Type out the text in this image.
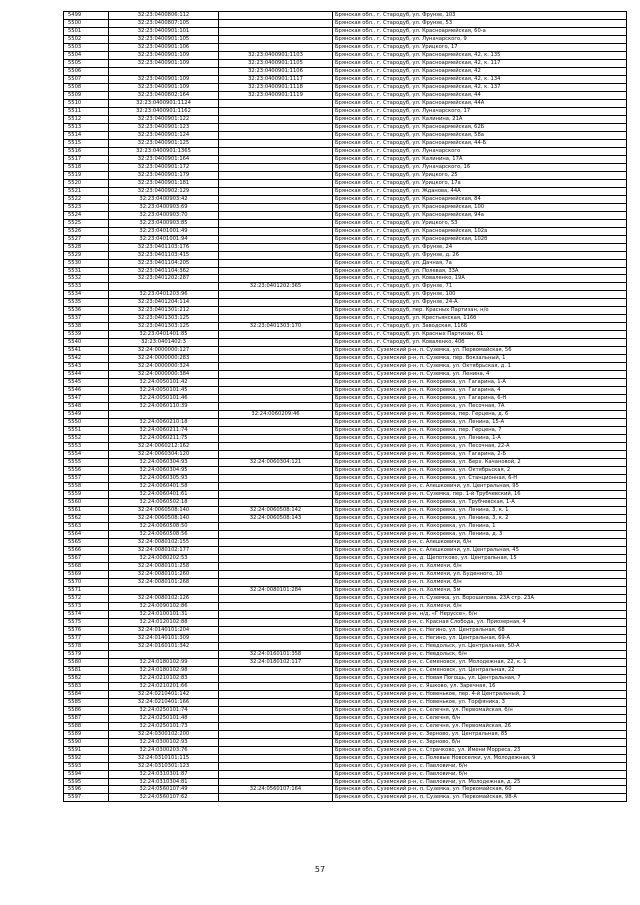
5499	32:23:0400806:112		Брянская обл., г. Стародуб, ул. Фрунзе, 103
5500	32:23:0400807:105		Брянская обл., г. Стародуб, ул. Фрунзе, 53
5501	32:23:0400901:101		Брянская обл., г. Стародуб, ул. Красноармейская, 60-а
5502	32:23:0400901:105		Брянская обл., г. Стародуб, ул. Луначарского, 9
5503	32:23:0400901:106		Брянская обл., г. Стародуб, ул. Урицкого, 17
5504	32:23:0400901:109	32:23:0400901:1103	Брянская обл., г. Стародуб, ул. Красноармейская, 42, к. 135
5505	32:23:0400901:109	32:23:0400901:1105	Брянская обл., г. Стародуб, ул. Красноармейская, 42, к. 117
5506		32:23:0400901:1106	Брянская обл., г. Стародуб, ул. Красноармейская, 42
5507	32:23:0400901:109	32:23:0400901:1117	Брянская обл., г. Стародуб, ул. Красноармейская, 42, к. 134
5508	32:23:0400901:109	32:23:0400901:1118	Брянская обл., г. Стародуб, ул. Красноармейская, 42, к. 137
5509	32:23:0400802:164	32:23:0400901:1119	Брянская обл., г. Стародуб, ул. Красноармейская, 44
5510	32:23:0400901:1124		Брянская обл., г. Стародуб, ул. Красноармейская, 44А
5511	32:23:0400901:1162		Брянская обл., г. Стародуб, ул. Луначарского, 17
5512	32:23:0400901:122		Брянская обл., г. Стародуб, ул. Калинина, 21А
5513	32:23:0400901:123		Брянская обл., г. Стародуб, ул. Красноармейская, 62Б
5514	32:23:0400901:124		Брянская обл., г. Стародуб, ул. Красноармейская, 58а
5515	32:23:0400901:125		Брянская обл., г. Стародуб, ул. Красноармейская, 44-Б
5516	32:23:0400901:1365		Брянская обл., г. Стародуб, ул. Луначарского
5517	32:23:0400901:164		Брянская обл., г. Стародуб, ул. Калинина, 17А
5518	32:23:0400901:172		Брянская обл., г. Стародуб, ул. Луначарского, 16
5519	32:23:0400901:179		Брянская обл., г. Стародуб, ул. Урицкого, 25
5520	32:23:0400901:181		Брянская обл., г. Стародуб, ул. Урицкого, 17а
5521	32:23:0400902:129		Брянская обл., г. Стародуб, ул. Жданова, 44А
5522	32:23:0400903:42		Брянская обл., г. Стародуб, ул. Красноармейская, 84
5523	32:23:0400903:69		Брянская обл., г. Стародуб, ул. Красноармейская, 100
5524	32:23:0400903:70		Брянская обл., г. Стародуб, ул. Красноармейская, 94а
5525	32:23:0400903:85		Брянская обл., г. Стародуб, ул. Урицкого, 53
5526	32:23:0401001:49		Брянская обл., г. Стародуб, ул. Красноармейская, 102а
5527	32:23:0401001:94		Брянская обл., г. Стародуб, ул. Красноармейская, 102б
5528	32:23:0401103:176		Брянская обл., г. Стародуб, ул. Фрунзе, 24
5529	32:23:0401103:415		Брянская обл., г. Стародуб, ул. Фрунзе, д. 26
5530	32:23:0401104:205		Брянская обл., г. Стародуб, ул. Дачная, 7а
5531	32:23:0401104:362		Брянская обл., г. Стародуб, ул. Полевая, 33А
5532	32:23:0401202:287		Брянская обл., г. Стародуб, ул. Коваленко, 19А
5533		32:23:0401202:365	Брянская обл., г. Стародуб, ул. Фрунзе, 71
5534	32:23:0401203:96		Брянская обл., г. Стародуб, ул. Фрунзе, 100
5535	32:23:0401204:114		Брянская обл., г. Стародуб, ул. Фрунзе, 24-А
5536	32:23:0401301:212		Брянская обл., г. Стародуб, пер. Красных Партизан, н/о
5537	32:23:0401303:125		Брянская обл., г. Стародуб, ул. Крестьянская, 116б
5538	32:23:0401303:125	32:23:0401303:170	Брянская обл., г. Стародуб, ул. Заводская, 116Б
5539	32:23:0401401:85		Брянская обл., г. Стародуб, ул. Красных Партизан, 61
5540	32:23:0401402:3		Брянская обл., г. Стародуб, ул. Коваленко, 40б
5541	32:24:0000000:127		Брянская обл., Суземский р-н, п. Суземка, ул. Первомайская, 56
5542	32:24:0000000:283		Брянская обл., Суземский р-н, п. Суземка, пер. Вокзальный, 1
5543	32:24:0000000:324		Брянская обл., Суземский р-н, п. Суземка, ул. Октябрьская, д. 1
5544	32:24:0000000:384		Брянская обл., Суземский р-н, п. Суземка, ул. Ленина, 4
5545	32:24:0050101:42		Брянская обл., Суземский р-н, п. Кокоревка, ул. Гагарина, 1-А
5546	32:24:0050101:45		Брянская обл., Суземский р-н, п. Кокоревка, ул. Гагарина, 4
5547	32:24:0050101:46		Брянская обл., Суземский р-н, п. Кокоревка, ул. Гагарина, 6-Н
5548	32:24:0060110:39		Брянская обл., Суземский р-н, п. Кокоревка, ул. Песочная, 7А
5549		32:24:0060209:46	Брянская обл., Суземский р-н, п. Кокоревка, пер. Герцена, д. 6
5550	32:24:0060210:18		Брянская обл., Суземский р-н, п. Кокоревка, ул. Ленина, 15-А
5551	32:24:0060211:74		Брянская обл., Суземский р-н, п. Кокоревка, пер. Герцена, 7
5552	32:24:0060211:75		Брянская обл., Суземский р-н, п. Кокоревка, ул. Ленина, 1-А
5553	32:24:0060212:162		Брянская обл., Суземский р-н, п. Кокоревка, ул. Песочная, 22-А
5554	32:24:0060304:120		Брянская обл., Суземский р-н, п. Кокоревка, ул. Гагарина, 2-Б
5555	32:24:0060304:93	32:24:0060304:121	Брянская обл., Суземский р-н, п. Кокоревка, ул. Верх. Качановой, 2
5556	32:24:0060304:95		Брянская обл., Суземский р-н, п. Кокоревка, ул. Октябрьская, 2
5557	32:24:0060305:93		Брянская обл., Суземский р-н, п. Кокоревка, ул. Станционная, 6-Н
5558	32:24:0060401:58		Брянская обл., Суземский р-н, с. Алешковичи, ул. Центральная, 95
5559	32:24:0060401:61		Брянская обл., Суземский р-н, п. Суземка, пер. 1-й Трубчевский, 16
5560	32:24:0060502:18		Брянская обл., Суземский р-н, п. Кокоревка, ул. Трубчевская, 1-А
5561	32:24:0060508:140	32:24:0060508:142	Брянская обл., Суземский р-н, п. Кокоревка, ул. Ленина, 3, к. 1
5562	32:24:0060508:140	32:24:0060508:143	Брянская обл., Суземский р-н, п. Кокоревка, ул. Ленина, 3, к. 2
5563	32:24:0060508:50		Брянская обл., Суземский р-н, п. Кокоревка, ул. Ленина, 1
5564	32:24:0060508:56		Брянская обл., Суземский р-н, п. Кокоревка, ул. Ленина, д. 3
5565	32:24:0080102:155		Брянская обл., Суземский р-н, с. Алешковичи, б/н
5566	32:24:0080102:177		Брянская обл., Суземский р-н, с. Алешковичи, ул. Центральная, 45
5567	32:24:0080202:53		Брянская обл., Суземский р-н, д. Щепотково, ул. Центральная, 15
5568	32:24:0080101:258		Брянская обл., Суземский р-н, п. Холмечи, б/н
5569	32:24:0080101:260		Брянская обл., Суземский р-н, п. Холмечи, ул. Буденного, 10
5570	32:24:0080101:268		Брянская обл., Суземский р-н, п. Холмечи, б/н
5571		32:24:0080101:284	Брянская обл., Суземский р-н, п. Холмечи, 5м
5572	32:24:0080102:126		Брянская обл., Суземский р-н, п. Суземка, ул. Ворошилова, 23А стр. 23А
5573	32:24:0090102:86		Брянская обл., Суземский р-н, п. Холмечи, б/н
5574	32:24:0100101:31		Брянская обл., Суземский р-н, н/д, «Г Неруссе», б/н
5575	32:24:0120102:88		Брянская обл., Суземский р-н, с. Красная Слобода, ул. Приозерная, 4
5576	32:24:0140101:204		Брянская обл., Суземский р-н, с. Негино, ул. Центральная, 68
5577	32:24:0140101:309		Брянская обл., Суземский р-н, с. Негино, ул. Центральная, 69-А
5578	32:24:0160101:342		Брянская обл., Суземский р-н, с. Невдольск, ул. Центральная, 50-А
5579		32:24:0160101:358	Брянская обл., Суземский р-н, с. Невдольск, б/н
5580	32:24:0180102:99	32:24:0180102:117	Брянская обл., Суземский р-н, с. Семеновск, ул. Молодежная, 22, к. 1
5581	32:24:0180102:98		Брянская обл., Суземский р-н, с. Семеновск, ул. Центральная, 22
5582	32:24:0210102:83		Брянская обл., Суземский р-н, с. Новая Погощь, ул. Центральная, 7
5583	32:24:0210201:66		Брянская обл., Суземский р-н, с. Яшково, ул. Заречная, 16
5584	32:24:0210401:142		Брянская обл., Суземский р-н, с. Новенькое, пер. 4-й Центральный, 2
5585	32:24:0210401:166		Брянская обл., Суземский р-н, с. Новенькое, ул. Торфяника, 3
5586	32:24:0250101:74		Брянская обл., Суземский р-н, с. Селечня, ул. Первомайская, б/н
5587	32:24:0250101:48		Брянская обл., Суземский р-н, с. Селечня, б/н
5588	32:24:0250101:73		Брянская обл., Суземский р-н, с. Селечня, ул. Первомайская, 26
5589	32:24:0300102:200		Брянская обл., Суземский р-н, с. Зерново, ул. Центральная, 85
5590	32:24:0300102:93		Брянская обл., Суземский р-н, с. Зерново, б/н
5591	32:24:0300203:76		Брянская обл., Суземский р-н, с. Страчково, ул. Имени Морреса, 23
5592	32:24:0310101:115		Брянская обл., Суземский р-н, с. Полевые Новоселки, ул. Молодежная, 9
5593	32:24:0310301:123		Брянская обл., Суземский р-н, с. Павловичи, б/н
5594	32:24:0310301:87		Брянская обл., Суземский р-н, с. Павловичи, б/н
5595	32:24:0310304:81		Брянская обл., Суземский р-н, с. Павловичи, ул. Молодежная, д. 25
5596	32:24:0560107:49	32:24:0560107:164	Брянская обл., Суземский р-н, п. Суземка, ул. Первомайская, 60
5597	32:24:0560107:62		Брянская обл., Суземский р-н, п. Суземка, ул. Первомайская, 98-А
57
